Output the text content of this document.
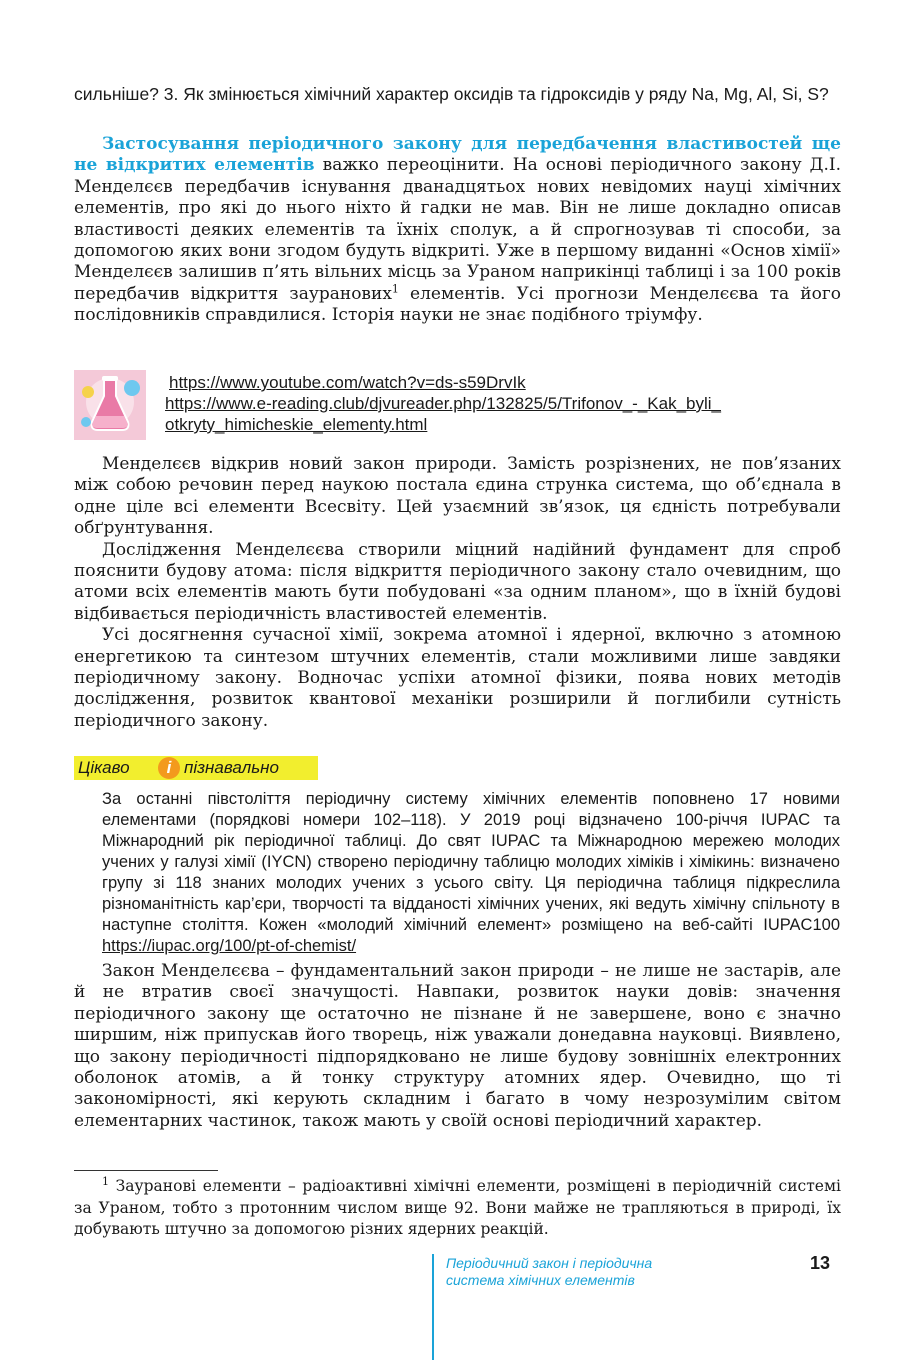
сильніше? 3. Як змінюється хімічний характер оксидів та гідроксидів у ряду Na, Mg, Al, Si, S?

Застосування періодичного закону для передбачення властивостей ще не відкритих елементів важко переоцінити. На основі періодичного закону Д.І. Менделєєв передбачив існування дванадцятьох нових невідомих науці хімічних елементів, про які до нього ніхто й гадки не мав. Він не лише докладно описав властивості деяких елементів та їхніх сполук, а й спрогнозував ті способи, за допомогою яких вони згодом будуть відкриті. Уже в першому виданні «Основ хімії» Менделєєв залишив п’ять вільних місць за Ураном наприкінці таблиці і за 100 років передбачив відкриття зауранових$^1$ елементів. Усі прогнози Менделєєва та його послідовників справдилися. Історія науки не знає подібного тріумфу.

https://www.youtube.com/watch?v=ds-s59DrvIk
https://www.e-reading.club/djvureader.php/132825/5/Trifonov_-_Kak_byli_
otkryty_himicheskie_elementy.html

Менделєєв відкрив новий закон природи. Замість розрізнених, не пов’язаних між собою речовин перед наукою постала єдина струнка система, що об’єднала в одне ціле всі елементи Всесвіту. Цей узаємний зв’язок, ця єдність потребували обґрунтування.

Дослідження Менделєєва створили міцний надійний фундамент для спроб пояснити будову атома: після відкриття періодичного закону стало очевидним, що атоми всіх елементів мають бути побудовані «за одним планом», що в їхній будові відбивається періодичність властивостей елементів.

Усі досягнення сучасної хімії, зокрема атомної і ядерної, включно з атомною енергетикою та синтезом штучних елементів, стали можливими лише завдяки періодичному закону. Водночас успіхи атомної фізики, поява нових методів дослідження, розвиток квантової механіки розширили й поглибили сутність періодичного закону.

Цікаво	і пізнавально
За останні півстоліття періодичну систему хімічних елементів поповнено 17 новими елементами (порядкові номери 102–118). У 2019 році відзначено 100-річчя IUPAC та Міжнародний рік періодичної таблиці. До свят IUPAC та Міжнародною мережею молодих учених у галузі хімії (IYCN) створено періодичну таблицю молодих хіміків і хімікинь: визначено групу зі 118 знаних молодих учених з усього світу. Ця періодична таблиця підкреслила різноманітність кар’єри, творчості та відданості хімічних учених, які ведуть хімічну спільноту в наступне століття. Кожен «молодий хімічний елемент» розміщено на веб-сайті IUPAC100 https://iupac.org/100/pt-of-chemist/

Закон Менделєєва – фундаментальний закон природи – не лише не застарів, але й не втратив своєї значущості. Навпаки, розвиток науки довів: значення періодичного закону ще остаточно не пізнане й не завершене, воно є значно ширшим, ніж припускав його творець, ніж уважали донедавна науковці. Виявлено, що закону періодичності підпорядковано не лише будову зовнішніх електронних оболонок атомів, а й тонку структуру атомних ядер. Очевидно, що ті закономірності, які керують складним і багато в чому незрозумілим світом елементарних частинок, також мають у своїй основі періодичний характер.

$^1$ Зауранові елементи – радіоактивні хімічні елементи, розміщені в періодичній системі за Ураном, тобто з протонним числом вище 92. Вони майже не трапляються в природі, їх добувають штучно за допомогою різних ядерних реакцій.

Періодичний закон і періодична
система хімічних елементів
13
